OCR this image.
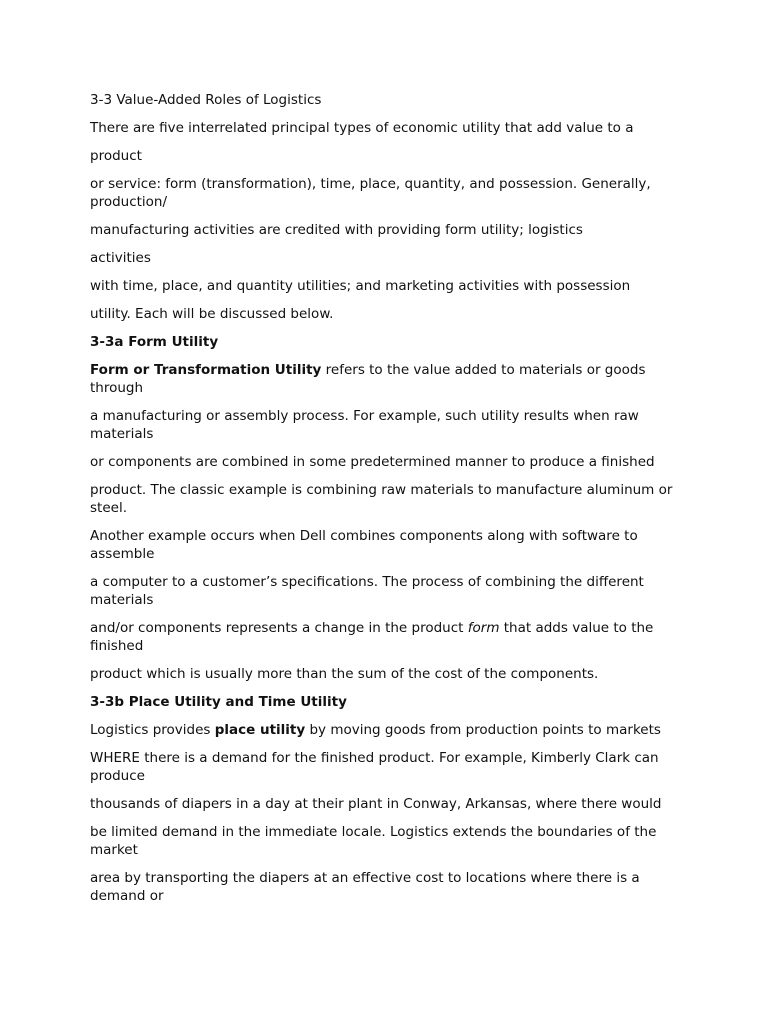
3-3 Value-Added Roles of Logistics

There are five interrelated principal types of economic utility that add value to a

product

or service: form (transformation), time, place, quantity, and possession. Generally, production/

manufacturing activities are credited with providing form utility; logistics

activities

with time, place, and quantity utilities; and marketing activities with possession

utility. Each will be discussed below.

3-3a Form Utility

Form or Transformation Utility refers to the value added to materials or goods through

a manufacturing or assembly process. For example, such utility results when raw materials

or components are combined in some predetermined manner to produce a finished

product. The classic example is combining raw materials to manufacture aluminum or steel.

Another example occurs when Dell combines components along with software to assemble

a computer to a customer’s specifications. The process of combining the different materials

and/or components represents a change in the product form that adds value to the finished

product which is usually more than the sum of the cost of the components.

3-3b Place Utility and Time Utility

Logistics provides place utility by moving goods from production points to markets

WHERE there is a demand for the finished product. For example, Kimberly Clark can produce

thousands of diapers in a day at their plant in Conway, Arkansas, where there would

be limited demand in the immediate locale. Logistics extends the boundaries of the market

area by transporting the diapers at an effective cost to locations where there is a demand or
